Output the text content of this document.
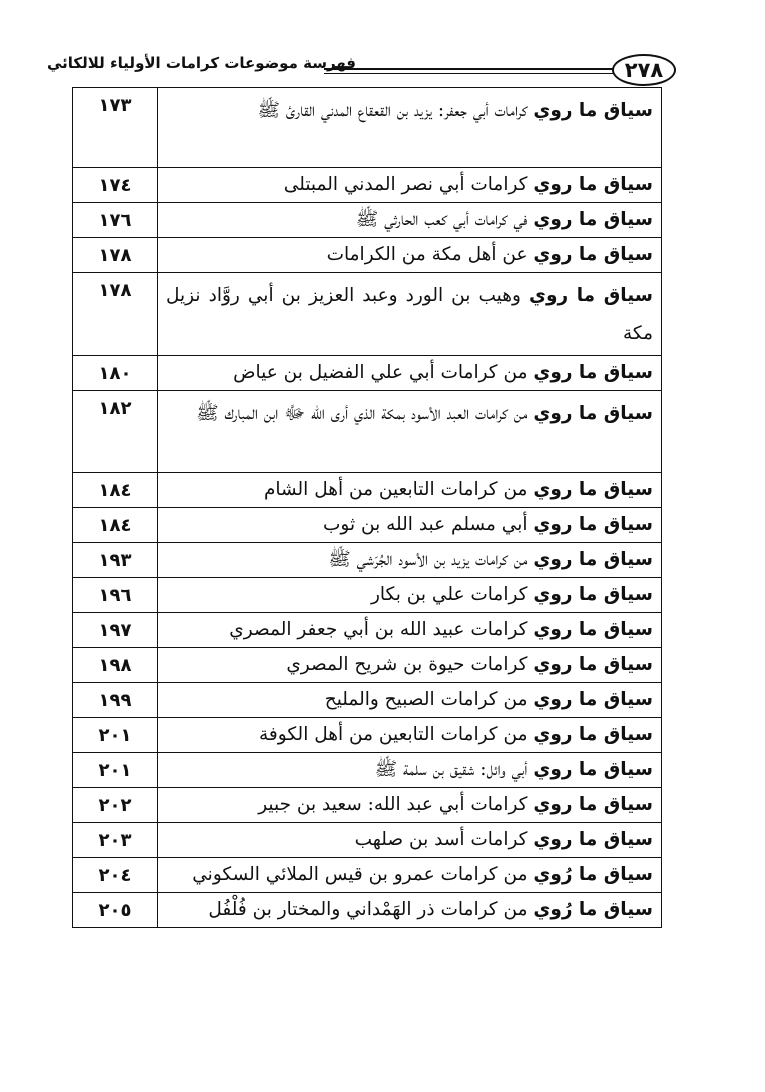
فهرسة موضوعات كرامات الأولياء للالكائي	٢٧٨
سياق ما روي كرامات أبي جعفر: يزيد بن القعقاع المدني القارئ ﷺ	١٧٣
سياق ما روي كرامات أبي نصر المدني المبتلى	١٧٤
سياق ما روي في كرامات أبي كعب الحارثي ﷺ	١٧٦
سياق ما روي عن أهل مكة من الكرامات	١٧٨
سياق ما روي وهيب بن الورد وعبد العزيز بن أبي روَّاد نزيل مكة	١٧٨
سياق ما روي من كرامات أبي علي الفضيل بن عياض	١٨٠
سياق ما روي من كرامات العبد الأسود بمكة الذي أرى الله ﷻ ابن المبارك ﷺ	١٨٢
سياق ما روي من كرامات التابعين من أهل الشام	١٨٤
سياق ما روي أبي مسلم عبد الله بن ثوب	١٨٤
سياق ما روي من كرامات يزيد بن الأسود الجُرَشي ﷺ	١٩٣
سياق ما روي كرامات علي بن بكار	١٩٦
سياق ما روي كرامات عبيد الله بن أبي جعفر المصري	١٩٧
سياق ما روي كرامات حيوة بن شريح المصري	١٩٨
سياق ما روي من كرامات الصبيح والمليح	١٩٩
سياق ما روي من كرامات التابعين من أهل الكوفة	٢٠١
سياق ما روي أبي وائل: شقيق بن سلمة ﷺ	٢٠١
سياق ما روي كرامات أبي عبد الله: سعيد بن جبير	٢٠٢
سياق ما روي كرامات أسد بن صلهب	٢٠٣
سياق ما رُوي من كرامات عمرو بن قيس الملائي السكوني	٢٠٤
سياق ما رُوي من كرامات ذر الهَمْداني والمختار بن فُلْفُل	٢٠٥
